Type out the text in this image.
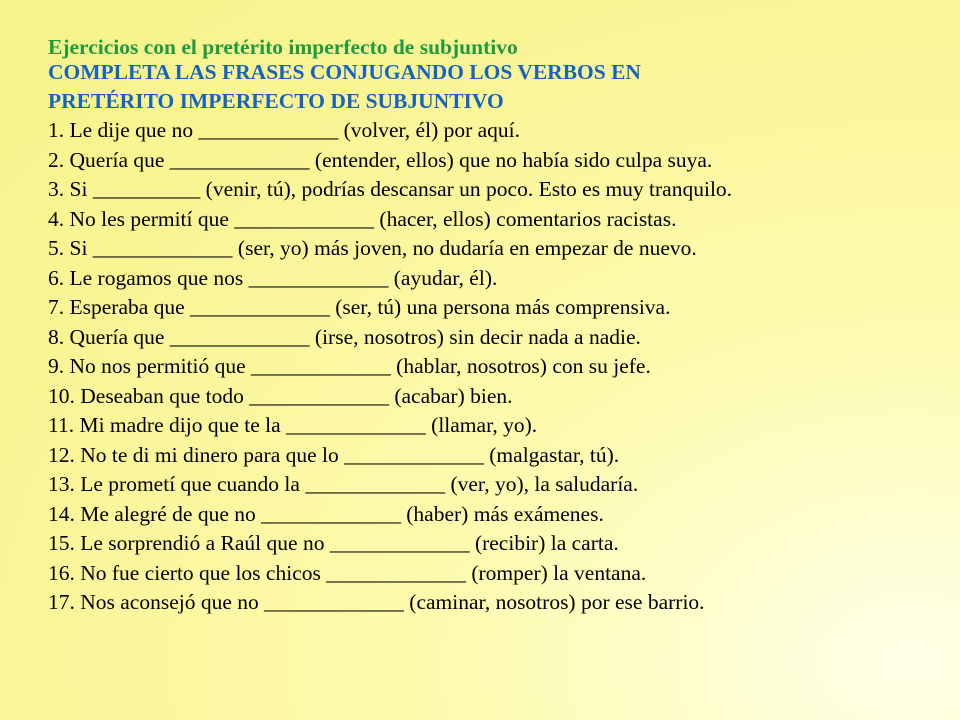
Ejercicios con el pretérito imperfecto de subjuntivo

COMPLETA LAS FRASES CONJUGANDO LOS VERBOS EN

PRETÉRITO IMPERFECTO DE SUBJUNTIVO

1. Le dije que no _____________ (volver, él) por aquí.
2. Quería que _____________ (entender, ellos) que no había sido culpa suya.
3. Si __________ (venir, tú), podrías descansar un poco. Esto es muy tranquilo.
4. No les permití que _____________ (hacer, ellos) comentarios racistas.
5. Si _____________ (ser, yo) más joven, no dudaría en empezar de nuevo.
6. Le rogamos que nos _____________ (ayudar, él).
7. Esperaba que _____________ (ser, tú) una persona más comprensiva.
8. Quería que _____________ (irse, nosotros) sin decir nada a nadie.
9. No nos permitió que _____________ (hablar, nosotros) con su jefe.
10. Deseaban que todo _____________ (acabar) bien.
11. Mi madre dijo que te la _____________ (llamar, yo).
12. No te di mi dinero para que lo _____________ (malgastar, tú).
13. Le prometí que cuando la _____________ (ver, yo), la saludaría.
14. Me alegré de que no _____________ (haber) más exámenes.
15. Le sorprendió a Raúl que no _____________ (recibir) la carta.
16. No fue cierto que los chicos _____________ (romper) la ventana.
17. Nos aconsejó que no _____________ (caminar, nosotros) por ese barrio.
